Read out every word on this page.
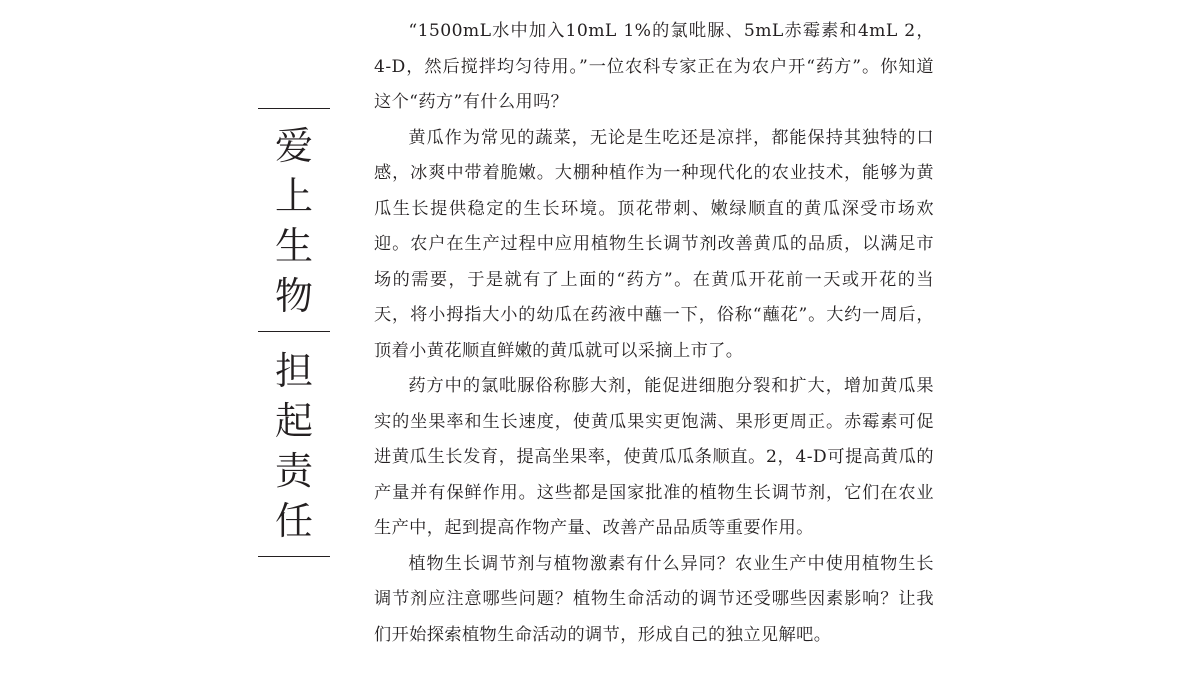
爱
上
生
物
担
起
责
任

“1500mL水中加入10mL 1%的氯吡脲、5mL赤霉素和4mL 2，4-D，然后搅拌均匀待用。”一位农科专家正在为农户开“药方”。你知道这个“药方”有什么用吗？

黄瓜作为常见的蔬菜，无论是生吃还是凉拌，都能保持其独特的口感，冰爽中带着脆嫩。大棚种植作为一种现代化的农业技术，能够为黄瓜生长提供稳定的生长环境。顶花带刺、嫩绿顺直的黄瓜深受市场欢迎。农户在生产过程中应用植物生长调节剂改善黄瓜的品质，以满足市场的需要，于是就有了上面的“药方”。在黄瓜开花前一天或开花的当天，将小拇指大小的幼瓜在药液中蘸一下，俗称“蘸花”。大约一周后，顶着小黄花顺直鲜嫩的黄瓜就可以采摘上市了。

药方中的氯吡脲俗称膨大剂，能促进细胞分裂和扩大，增加黄瓜果实的坐果率和生长速度，使黄瓜果实更饱满、果形更周正。赤霉素可促进黄瓜生长发育，提高坐果率，使黄瓜瓜条顺直。2，4-D可提高黄瓜的产量并有保鲜作用。这些都是国家批准的植物生长调节剂，它们在农业生产中，起到提高作物产量、改善产品品质等重要作用。

植物生长调节剂与植物激素有什么异同？农业生产中使用植物生长调节剂应注意哪些问题？植物生命活动的调节还受哪些因素影响？让我们开始探索植物生命活动的调节，形成自己的独立见解吧。
